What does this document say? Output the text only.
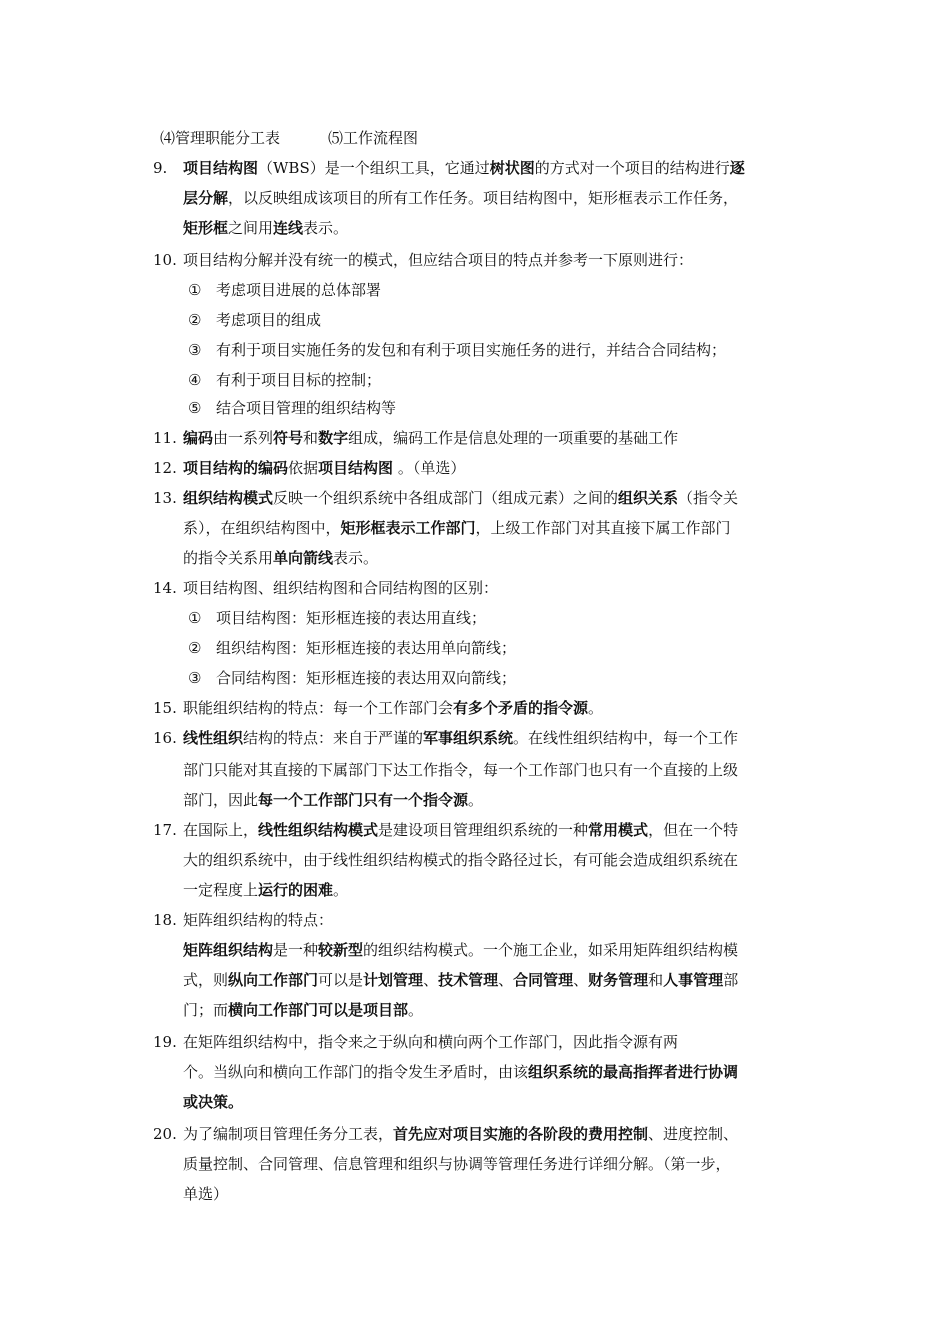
⑷管理职能分工表	⑸工作流程图
9. 项目结构图（WBS）是一个组织工具，它通过树状图的方式对一个项目的结构进行逐
层分解，以反映组成该项目的所有工作任务。项目结构图中，矩形框表示工作任务，
矩形框之间用连线表示。
10. 项目结构分解并没有统一的模式，但应结合项目的特点并参考一下原则进行：
① 考虑项目进展的总体部署
② 考虑项目的组成
③ 有利于项目实施任务的发包和有利于项目实施任务的进行，并结合合同结构；
④ 有利于项目目标的控制；
⑤ 结合项目管理的组织结构等
11. 编码由一系列符号和数字组成，编码工作是信息处理的一项重要的基础工作
12. 项目结构的编码依据项目结构图 。（单选）
13. 组织结构模式反映一个组织系统中各组成部门（组成元素）之间的组织关系（指令关
系），在组织结构图中，矩形框表示工作部门，上级工作部门对其直接下属工作部门
的指令关系用单向箭线表示。
14. 项目结构图、组织结构图和合同结构图的区别：
① 项目结构图：矩形框连接的表达用直线；
② 组织结构图：矩形框连接的表达用单向箭线；
③ 合同结构图：矩形框连接的表达用双向箭线；
15. 职能组织结构的特点：每一个工作部门会有多个矛盾的指令源。
16. 线性组织结构的特点：来自于严谨的军事组织系统。在线性组织结构中，每一个工作
部门只能对其直接的下属部门下达工作指令，每一个工作部门也只有一个直接的上级
部门，因此每一个工作部门只有一个指令源。
17. 在国际上，线性组织结构模式是建设项目管理组织系统的一种常用模式，但在一个特
大的组织系统中，由于线性组织结构模式的指令路径过长，有可能会造成组织系统在
一定程度上运行的困难。
18. 矩阵组织结构的特点：
矩阵组织结构是一种较新型的组织结构模式。一个施工企业，如采用矩阵组织结构模
式，则纵向工作部门可以是计划管理、技术管理、合同管理、财务管理和人事管理部
门；而横向工作部门可以是项目部。
19. 在矩阵组织结构中，指令来之于纵向和横向两个工作部门，因此指令源有两
个。当纵向和横向工作部门的指令发生矛盾时，由该组织系统的最高指挥者进行协调
或决策。
20. 为了编制项目管理任务分工表，首先应对项目实施的各阶段的费用控制、进度控制、
质量控制、合同管理、信息管理和组织与协调等管理任务进行详细分解。（第一步，
单选）
